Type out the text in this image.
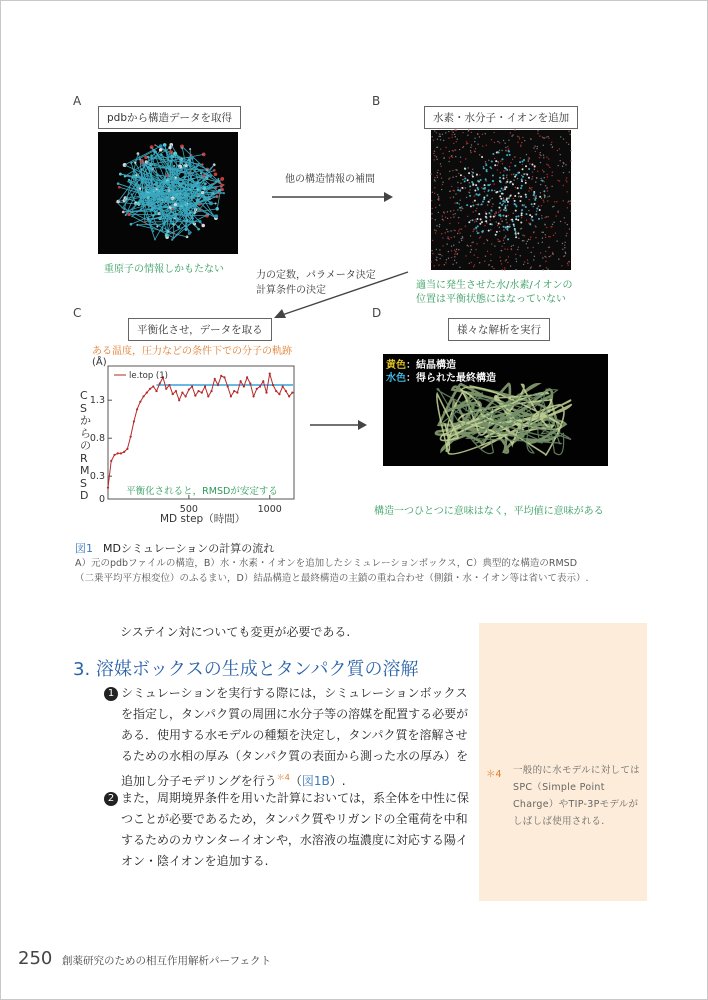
A
pdbから構造データを取得
重原子の情報しかもたない
他の構造情報の補間
B
水素・水分子・イオンを追加
適当に発生させた水/水素/イオンの
位置は平衡状態にはなっていない
力の定数，パラメータ決定
計算条件の決定
C
平衡化させ，データを取る
ある温度，圧力などの条件下での分子の軌跡
(Å)
CSからのRMSD
0.3
0.8
1.3
0
500	1000
le.top (1)
平衡化されると，RMSDが安定する
MD step（時間）
D
様々な解析を実行
黄色：結晶構造
水色：得られた最終構造
構造一つひとつに意味はなく，平均値に意味がある
図1 MDシミュレーションの計算の流れ
A）元のpdbファイルの構造，B）水・水素・イオンを追加したシミュレーションボックス，C）典型的な構造のRMSD
（二乗平均平方根変位）のふるまい，D）結晶構造と最終構造の主鎖の重ね合わせ（側鎖・水・イオン等は省いて表示）.
＊4 一般的に水モデルに対しては
SPC（Simple Point
Charge）やTIP-3Pモデルが
しばしば使用される.
システイン対についても変更が必要である.
3. 溶媒ボックスの生成とタンパク質の溶解
1 シミュレーションを実行する際には，シミュレーションボックス
を指定し，タンパク質の周囲に水分子等の溶媒を配置する必要が
ある．使用する水モデルの種類を決定し，タンパク質を溶解させ
るための水相の厚み（タンパク質の表面から測った水の厚み）を
追加し分子モデリングを行う$^{*4}$（図1B）.
2 また，周期境界条件を用いた計算においては，系全体を中性に保
つことが必要であるため，タンパク質やリガンドの全電荷を中和
するためのカウンターイオンや，水溶液の塩濃度に対応する陽イ
オン・陰イオンを追加する.
250 創薬研究のための相互作用解析パーフェクト
